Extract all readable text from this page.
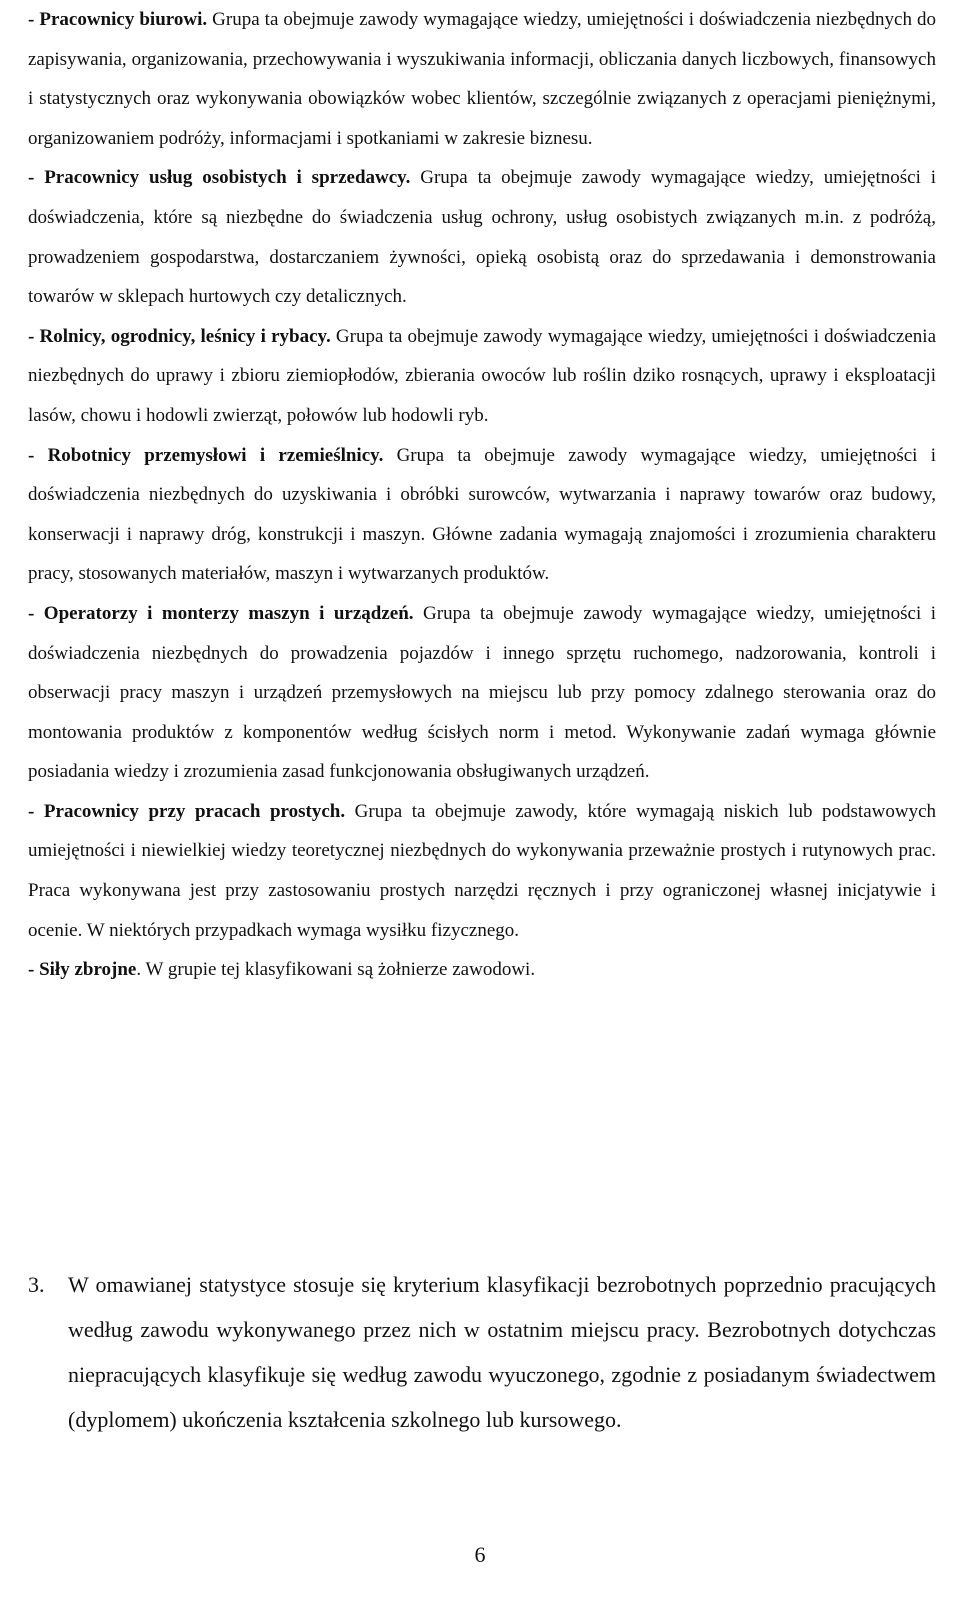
- Pracownicy biurowi. Grupa ta obejmuje zawody wymagające wiedzy, umiejętności i doświadczenia niezbędnych do zapisywania, organizowania, przechowywania i wyszukiwania informacji, obliczania danych liczbowych, finansowych i statystycznych oraz wykonywania obowiązków wobec klientów, szczególnie związanych z operacjami pieniężnymi, organizowaniem podróży, informacjami i spotkaniami w zakresie biznesu.

- Pracownicy usług osobistych i sprzedawcy. Grupa ta obejmuje zawody wymagające wiedzy, umiejętności i doświadczenia, które są niezbędne do świadczenia usług ochrony, usług osobistych związanych m.in. z podróżą, prowadzeniem gospodarstwa, dostarczaniem żywności, opieką osobistą oraz do sprzedawania i demonstrowania towarów w sklepach hurtowych czy detalicznych.

- Rolnicy, ogrodnicy, leśnicy i rybacy. Grupa ta obejmuje zawody wymagające wiedzy, umiejętności i doświadczenia niezbędnych do uprawy i zbioru ziemiopłodów, zbierania owoców lub roślin dziko rosnących, uprawy i eksploatacji lasów, chowu i hodowli zwierząt, połowów lub hodowli ryb.

- Robotnicy przemysłowi i rzemieślnicy. Grupa ta obejmuje zawody wymagające wiedzy, umiejętności i doświadczenia niezbędnych do uzyskiwania i obróbki surowców, wytwarzania i naprawy towarów oraz budowy, konserwacji i naprawy dróg, konstrukcji i maszyn. Główne zadania wymagają znajomości i zrozumienia charakteru pracy, stosowanych materiałów, maszyn i wytwarzanych produktów.

- Operatorzy i monterzy maszyn i urządzeń. Grupa ta obejmuje zawody wymagające wiedzy, umiejętności i doświadczenia niezbędnych do prowadzenia pojazdów i innego sprzętu ruchomego, nadzorowania, kontroli i obserwacji pracy maszyn i urządzeń przemysłowych na miejscu lub przy pomocy zdalnego sterowania oraz do montowania produktów z komponentów według ścisłych norm i metod. Wykonywanie zadań wymaga głównie posiadania wiedzy i zrozumienia zasad funkcjonowania obsługiwanych urządzeń.

- Pracownicy przy pracach prostych. Grupa ta obejmuje zawody, które wymagają niskich lub podstawowych umiejętności i niewielkiej wiedzy teoretycznej niezbędnych do wykonywania przeważnie prostych i rutynowych prac. Praca wykonywana jest przy zastosowaniu prostych narzędzi ręcznych i przy ograniczonej własnej inicjatywie i ocenie. W niektórych przypadkach wymaga wysiłku fizycznego.

- Siły zbrojne. W grupie tej klasyfikowani są żołnierze zawodowi.

3.	W omawianej statystyce stosuje się kryterium klasyfikacji bezrobotnych poprzednio pracujących według zawodu wykonywanego przez nich w ostatnim miejscu pracy. Bezrobotnych dotychczas niepracujących klasyfikuje się według zawodu wyuczonego, zgodnie z posiadanym świadectwem (dyplomem) ukończenia kształcenia szkolnego lub kursowego.
6
